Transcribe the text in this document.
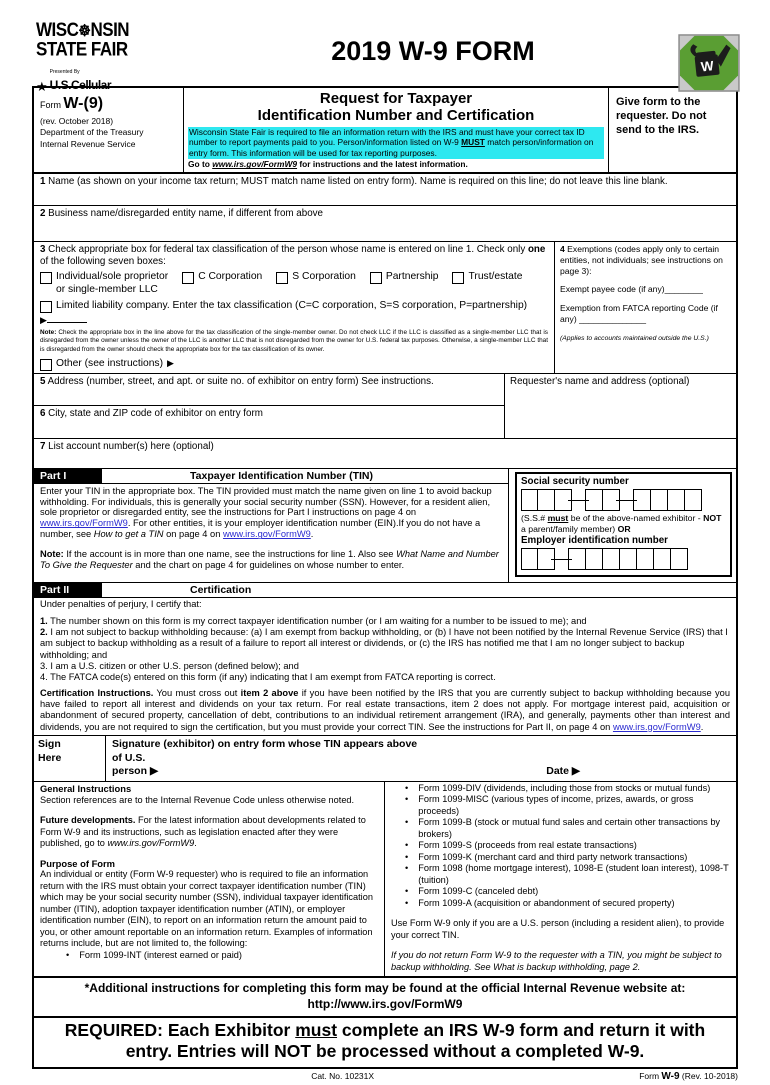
WISC☸NSIN
STATE FAIR
★
Presented By
U.S.Cellular
2019 W-9 FORM
W
Form W-(9)
(rev. October 2018)
Department of the Treasury
Internal Revenue Service
Request for Taxpayer
Identification Number and Certification
Wisconsin State Fair is required to file an information return with the IRS and must have your correct tax ID number to report payments paid to you. Person/information listed on W-9 MUST match person/information on entry form. This information will be used for tax reporting purposes.
Go to www.irs.gov/FormW9 for instructions and the latest information.
Give form to the requester. Do not send to the IRS.
1 Name (as shown on your income tax return; MUST match name listed on entry form). Name is required on this line; do not leave this line blank.
2 Business name/disregarded entity name, if different from above
3 Check appropriate box for federal tax classification of the person whose name is entered on line 1. Check only one of the following seven boxes:
Individual/sole proprietor
or single-member LLC
C Corporation	S Corporation	Partnership	Trust/estate
Limited liability company. Enter the tax classification (C=C corporation, S=S corporation, P=partnership)
▶
Note: Check the appropriate box in the line above for the tax classification of the single-member owner. Do not check LLC if the LLC is classified as a single-member LLC that is disregarded from the owner unless the owner of the LLC is another LLC that is not disregarded from the owner for U.S. federal tax purposes. Otherwise, a single-member LLC that is disregarded from the owner should check the appropriate box for the tax classification of its owner.
Other (see instructions) ▶

4 Exemptions (codes apply only to certain entities, not individuals; see instructions on page 3):

Exempt payee code (if any)________

Exemption from FATCA reporting Code (if any) ______________

(Applies to accounts maintained outside the U.S.)

5 Address (number, street, and apt. or suite no. of exhibitor on entry form) See instructions.
6 City, state and ZIP code of exhibitor on entry form
Requester's name and address (optional)
7 List account number(s) here (optional)
Part I	Taxpayer Identification Number (TIN)

Enter your TIN in the appropriate box. The TIN provided must match the name given on line 1 to avoid backup withholding. For individuals, this is generally your social security number (SSN). However, for a resident alien, sole proprietor or disregarded entity, see the instructions for Part I instructions on page 4 on www.irs.gov/FormW9. For other entities, it is your employer identification number (EIN).If you do not have a number, see How to get a TIN on page 4 on www.irs.gov/FormW9.

Note: If the account is in more than one name, see the instructions for line 1. Also see What Name and Number To Give the Requester and the chart on page 4 for guidelines on whose number to enter.

Social security number
(S.S.# must be of the above-named exhibitor - NOT a parent/family member) OR
Employer identification number
Part II	Certification

Under penalties of perjury, I certify that:

1. The number shown on this form is my correct taxpayer identification number (or I am waiting for a number to be issued to me); and

2. I am not subject to backup withholding because: (a) I am exempt from backup withholding, or (b) I have not been notified by the Internal Revenue Service (IRS) that I am subject to backup withholding as a result of a failure to report all interest or dividends, or (c) the IRS has notified me that I am no longer subject to backup withholding; and

3. I am a U.S. citizen or other U.S. person (defined below); and

4. The FATCA code(s) entered on this form (if any) indicating that I am exempt from FATCA reporting is correct.

Certification Instructions. You must cross out item 2 above if you have been notified by the IRS that you are currently subject to backup withholding because you have failed to report all interest and dividends on your tax return. For real estate transactions, item 2 does not apply. For mortgage interest paid, acquisition or abandonment of secured property, cancellation of debt, contributions to an individual retirement arrangement (IRA), and generally, payments other than interest and dividends, you are not required to sign the certification, but you must provide your correct TIN. See the instructions for Part II, on page 4 on www.irs.gov/FormW9.
Sign
Here
Signature (exhibitor) on entry form whose TIN appears above
of U.S.
person ▶	Date ▶
General Instructions

Section references are to the Internal Revenue Code unless otherwise noted.

Future developments. For the latest information about developments related to Form W-9 and its instructions, such as legislation enacted after they were published, go to www.irs.gov/FormW9.

Purpose of Form

An individual or entity (Form W-9 requester) who is required to file an information return with the IRS must obtain your correct taxpayer identification number (TIN) which may be your social security number (SSN), individual taxpayer identification number (ITIN), adoption taxpayer identification number (ATIN), or employer identification number (EIN), to report on an information return the amount paid to you, or other amount reportable on an information return. Examples of information returns include, but are not limited to, the following:

• Form 1099-INT (interest earned or paid)
• Form 1099-DIV (dividends, including those from stocks or mutual funds)
• Form 1099-MISC (various types of income, prizes, awards, or gross proceeds)
• Form 1099-B (stock or mutual fund sales and certain other transactions by brokers)
• Form 1099-S (proceeds from real estate transactions)
• Form 1099-K (merchant card and third party network transactions)
• Form 1098 (home mortgage interest), 1098-E (student loan interest), 1098-T (tuition)
• Form 1099-C (canceled debt)
• Form 1099-A (acquisition or abandonment of secured property)

Use Form W-9 only if you are a U.S. person (including a resident alien), to provide your correct TIN.

If you do not return Form W-9 to the requester with a TIN, you might be subject to backup withholding. See What is backup withholding, page 2.

*Additional instructions for completing this form may be found at the official Internal Revenue website at:
http://www.irs.gov/FormW9
REQUIRED: Each Exhibitor must complete an IRS W-9 form and return it with entry. Entries will NOT be processed without a completed W-9.
Cat. No. 10231X	Form W-9 (Rev. 10-2018)
